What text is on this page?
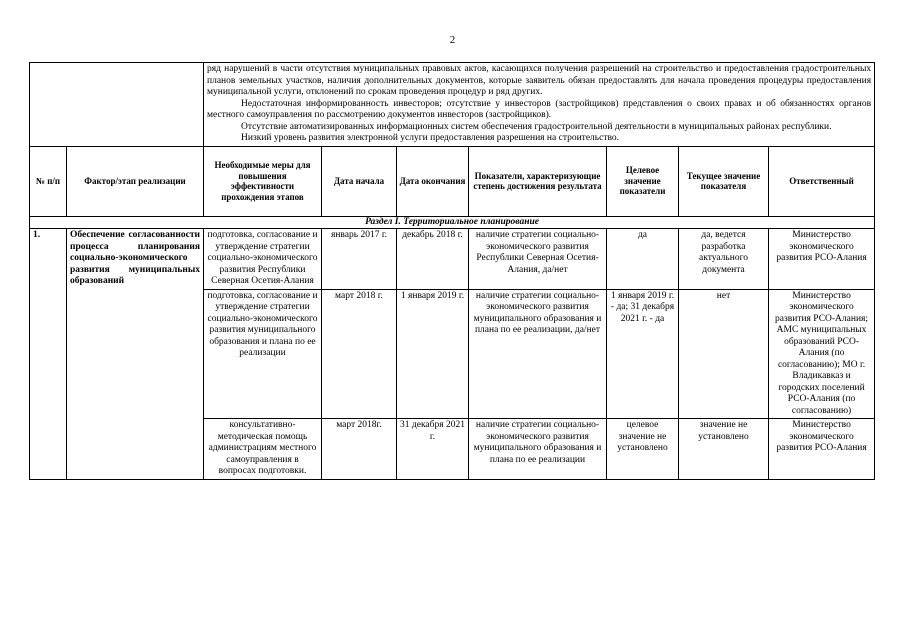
2

		ряд нарушений в части отсутствия муниципальных правовых актов, касающихся получения разрешений на строительство и предоставления градостроительных планов земельных участков, наличия дополнительных документов, которые заявитель обязан предоставлять для начала проведения процедуры предоставления муниципальной услуги, отклонений по срокам проведения процедур и ряд других.

Недостаточная информированность инвесторов; отсутствие у инвесторов (застройщиков) представления о своих правах и об обязанностях органов местного самоуправления по рассмотрению документов инвесторов (застройщиков).

Отсутствие автоматизированных информационных систем обеспечения градостроительной деятельности в муниципальных районах республики.

Низкий уровень развития электронной услуги предоставления разрешения на строительство.						

№ п/п	Фактор/этап реализации	Необходимые меры для повышения эффективности прохождения этапов	Дата начала	Дата окончания	Показатели, характеризующие степень достижения результата	Целевое значение показатели	Текущее значение показателя	Ответственный
Раздел I. Территориальное планирование								
1.	Обеспечение согласованности процесса планирования социально-экономического развития муниципальных образований	подготовка, согласование и утверждение стратегии социально-экономического развития Республики Северная Осетия-Алания	январь 2017 г.	декабрь 2018 г.	наличие стратегии социально-экономического развития Республики Северная Осетия-Алания, да/нет	да	да, ведется разработка актуального документа	Министерство экономического развития РСО-Алания
		подготовка, согласование и утверждение стратегии социально-экономического развития муниципального образования и плана по ее реализации	март 2018 г.	1 января 2019 г.	наличие стратегии социально- экономического развития муниципального образования и плана по ее реализации, да/нет	1 января 2019 г. - да; 31 декабря 2021 г. - да	нет	Министерство экономического развития РСО-Алания; АМС муниципальных образований РСО-Алания (по согласованию); МО г. Владикавказ и городских поселений РСО-Алания (по согласованию)
		консультативно-методическая помощь администрациям местного самоуправления в вопросах подготовки.	март 2018г.	31 декабря 2021 г.	наличие стратегии социально-экономического развития муниципального образования и плана по ее реализации	целевое значение не установлено	значение не установлено	Министерство экономического развития РСО-Алания
